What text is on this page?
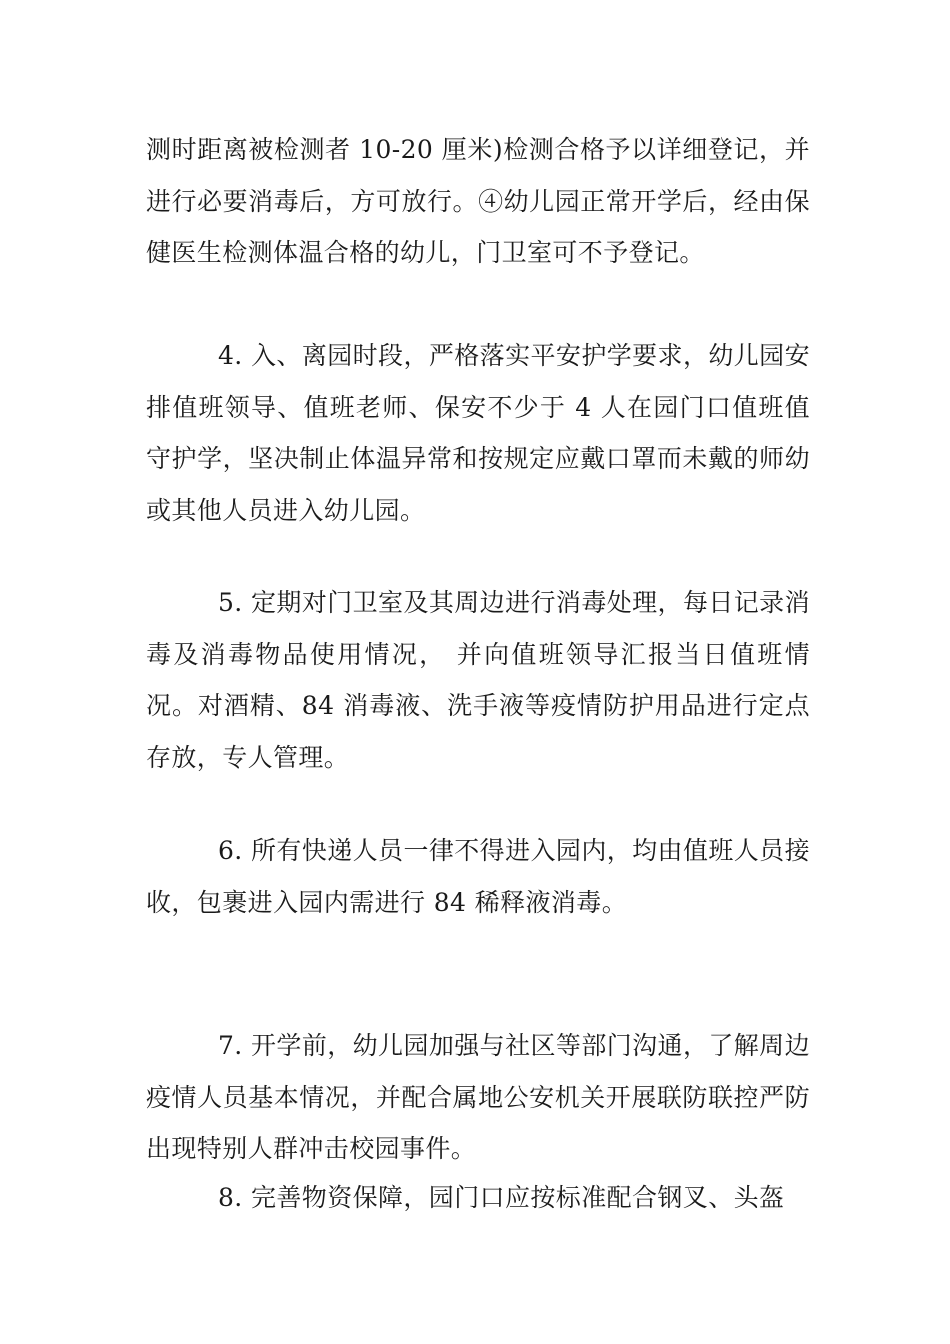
测时距离被检测者 10-20 厘米)检测合格予以详细登记，并进行必要消毒后，方可放行。④幼儿园正常开学后，经由保健医生检测体温合格的幼儿，门卫室可不予登记。

4. 入、离园时段，严格落实平安护学要求，幼儿园安排值班领导、值班老师、保安不少于 4 人在园门口值班值守护学，坚决制止体温异常和按规定应戴口罩而未戴的师幼或其他人员进入幼儿园。

5. 定期对门卫室及其周边进行消毒处理，每日记录消毒及消毒物品使用情况， 并向值班领导汇报当日值班情况。对酒精、84 消毒液、洗手液等疫情防护用品进行定点存放，专人管理。

6. 所有快递人员一律不得进入园内，均由值班人员接收，包裹进入园内需进行 84 稀释液消毒。

7. 开学前，幼儿园加强与社区等部门沟通，了解周边疫情人员基本情况，并配合属地公安机关开展联防联控严防出现特别人群冲击校园事件。

8. 完善物资保障，园门口应按标准配合钢叉、头盔
